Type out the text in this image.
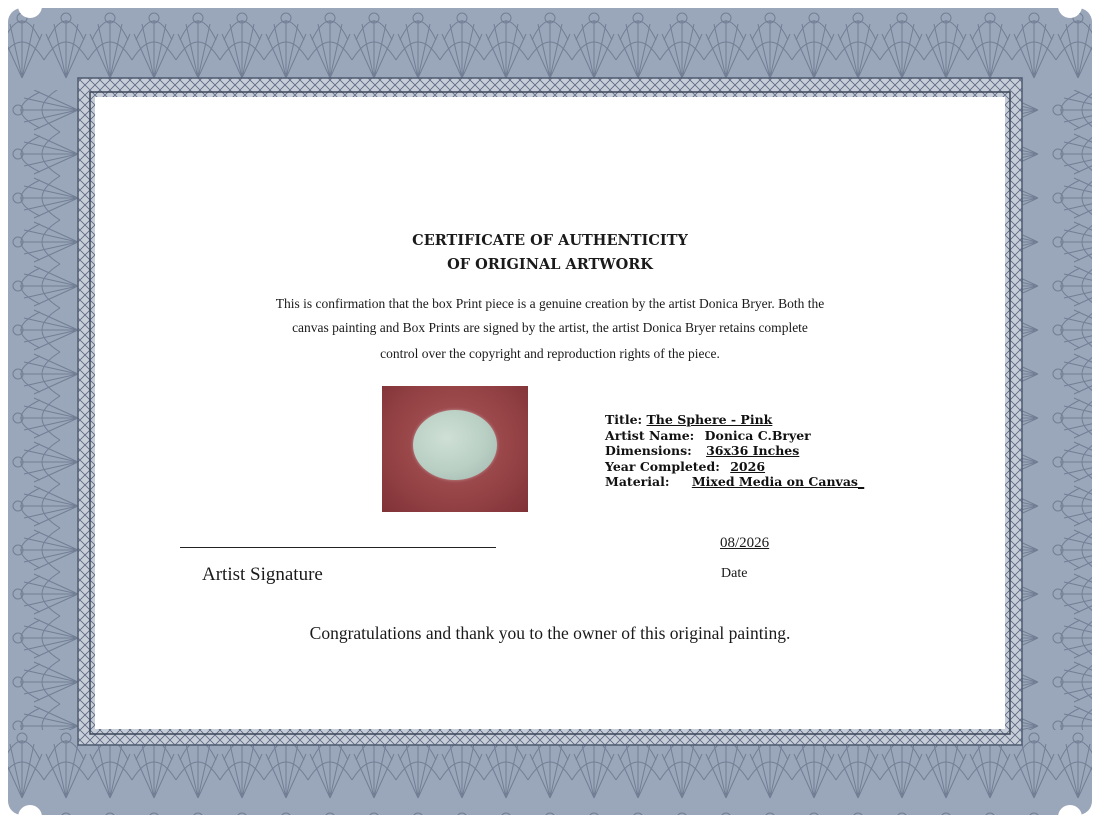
CERTIFICATE OF AUTHENTICITY
OF ORIGINAL ARTWORK
This is confirmation that the box Print piece is a genuine creation by the artist Donica Bryer. Both the
canvas painting and Box Prints are signed by the artist, the artist Donica Bryer retains complete
control over the copyright and reproduction rights of the piece.
Title: The Sphere - Pink
Artist Name: Donica C.Bryer
Dimensions: 36x36 Inches
Year Completed: 2026
Material: Mixed Media on Canvas_
Artist Signature
08/2026
Date
Congratulations and thank you to the owner of this original painting.
